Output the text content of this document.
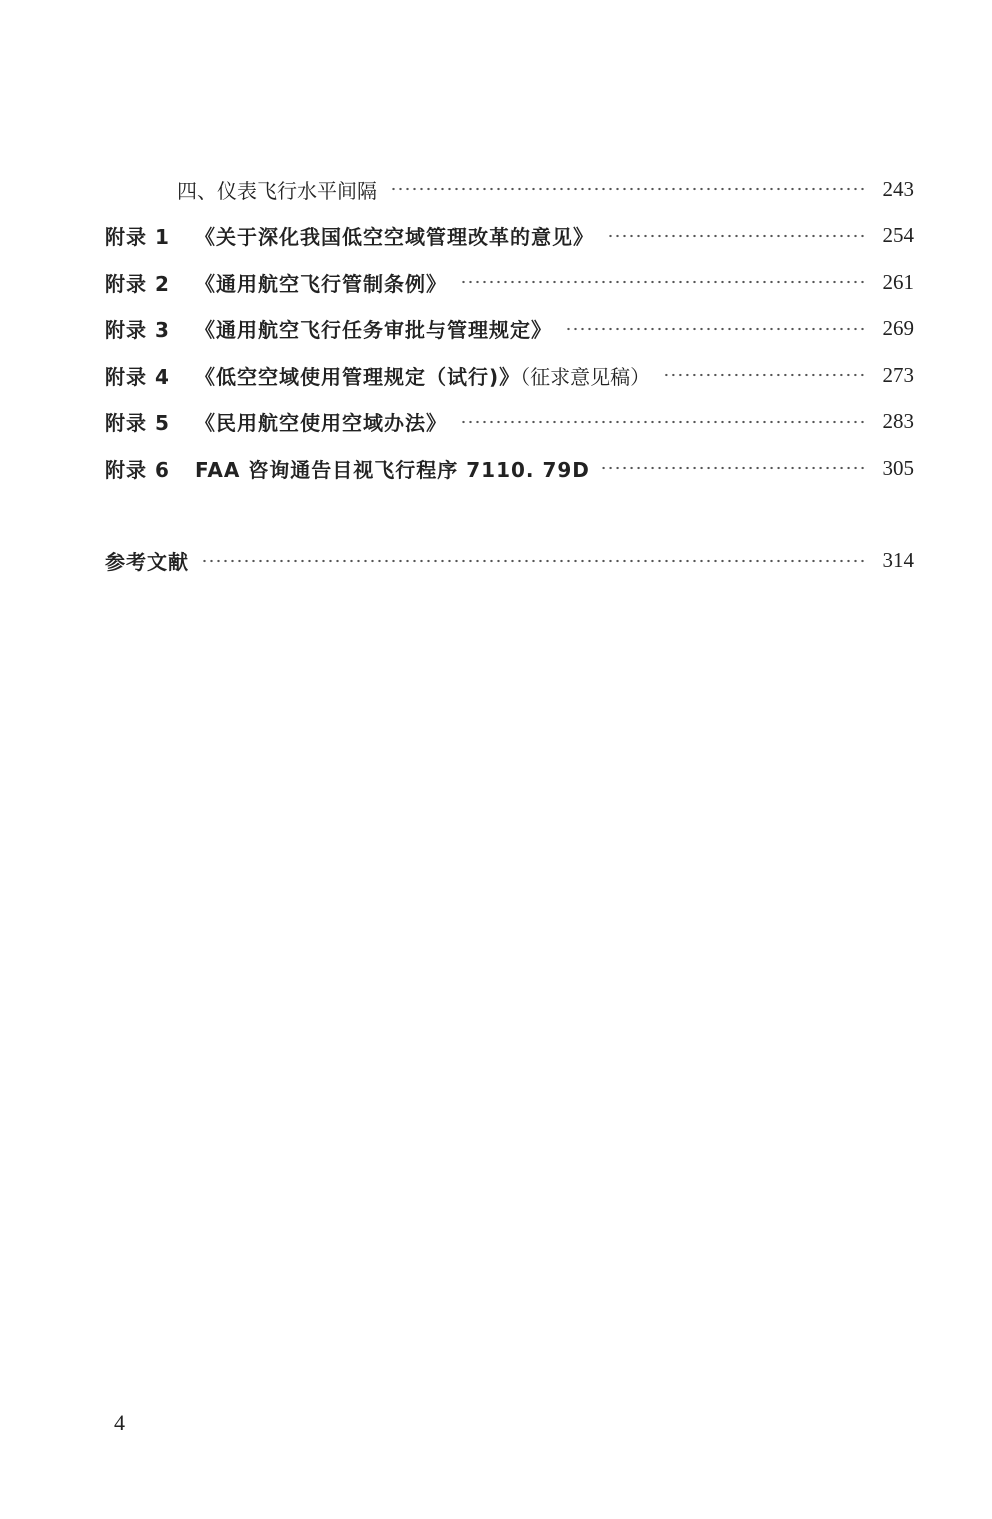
四、仪表飞行水平间隔	243
附录 1	《关于深化我国低空空域管理改革的意见》	254
附录 2	《通用航空飞行管制条例》	261
附录 3	《通用航空飞行任务审批与管理规定》	269
附录 4	《低空空域使用管理规定（试行)》（征求意见稿）	273
附录 5	《民用航空使用空域办法》	283
附录 6	FAA 咨询通告目视飞行程序 7110. 79D	305
参考文献	314
4
